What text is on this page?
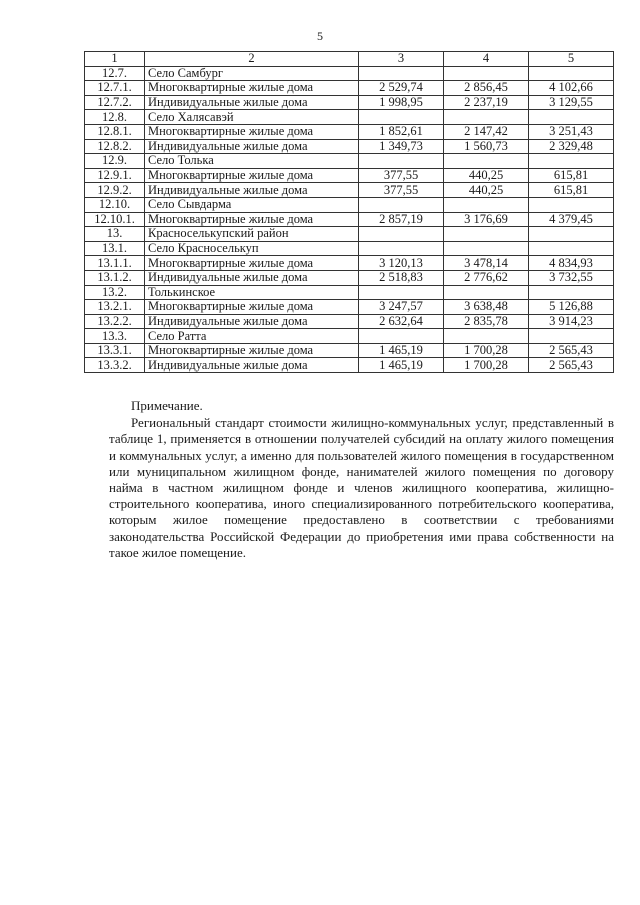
5
1	2	3	4	5
12.7.	Село Самбург			
12.7.1.	Многоквартирные жилые дома	2 529,74	2 856,45	4 102,66
12.7.2.	Индивидуальные жилые дома	1 998,95	2 237,19	3 129,55
12.8.	Село Халясавэй			
12.8.1.	Многоквартирные жилые дома	1 852,61	2 147,42	3 251,43
12.8.2.	Индивидуальные жилые дома	1 349,73	1 560,73	2 329,48
12.9.	Село Толька			
12.9.1.	Многоквартирные жилые дома	377,55	440,25	615,81
12.9.2.	Индивидуальные жилые дома	377,55	440,25	615,81
12.10.	Село Сывдарма			
12.10.1.	Многоквартирные жилые дома	2 857,19	3 176,69	4 379,45
13.	Красноселькупский район			
13.1.	Село Красноселькуп			
13.1.1.	Многоквартирные жилые дома	3 120,13	3 478,14	4 834,93
13.1.2.	Индивидуальные жилые дома	2 518,83	2 776,62	3 732,55
13.2.	Толькинское			
13.2.1.	Многоквартирные жилые дома	3 247,57	3 638,48	5 126,88
13.2.2.	Индивидуальные жилые дома	2 632,64	2 835,78	3 914,23
13.3.	Село Ратта			
13.3.1.	Многоквартирные жилые дома	1 465,19	1 700,28	2 565,43
13.3.2.	Индивидуальные жилые дома	1 465,19	1 700,28	2 565,43

Примечание.

Региональный стандарт стоимости жилищно-коммунальных услуг, представленный в таблице 1, применяется в отношении получателей субсидий на оплату жилого помещения и коммунальных услуг, а именно для пользователей жилого помещения в государственном или муниципальном жилищном фонде, нанимателей жилого помещения по договору найма в частном жилищном фонде и членов жилищного кооператива, жилищно-строительного кооператива, иного специализированного потребительского кооператива, которым жилое помещение предоставлено в соответствии с требованиями законодательства Российской Федерации до приобретения ими права собственности на такое жилое помещение.
